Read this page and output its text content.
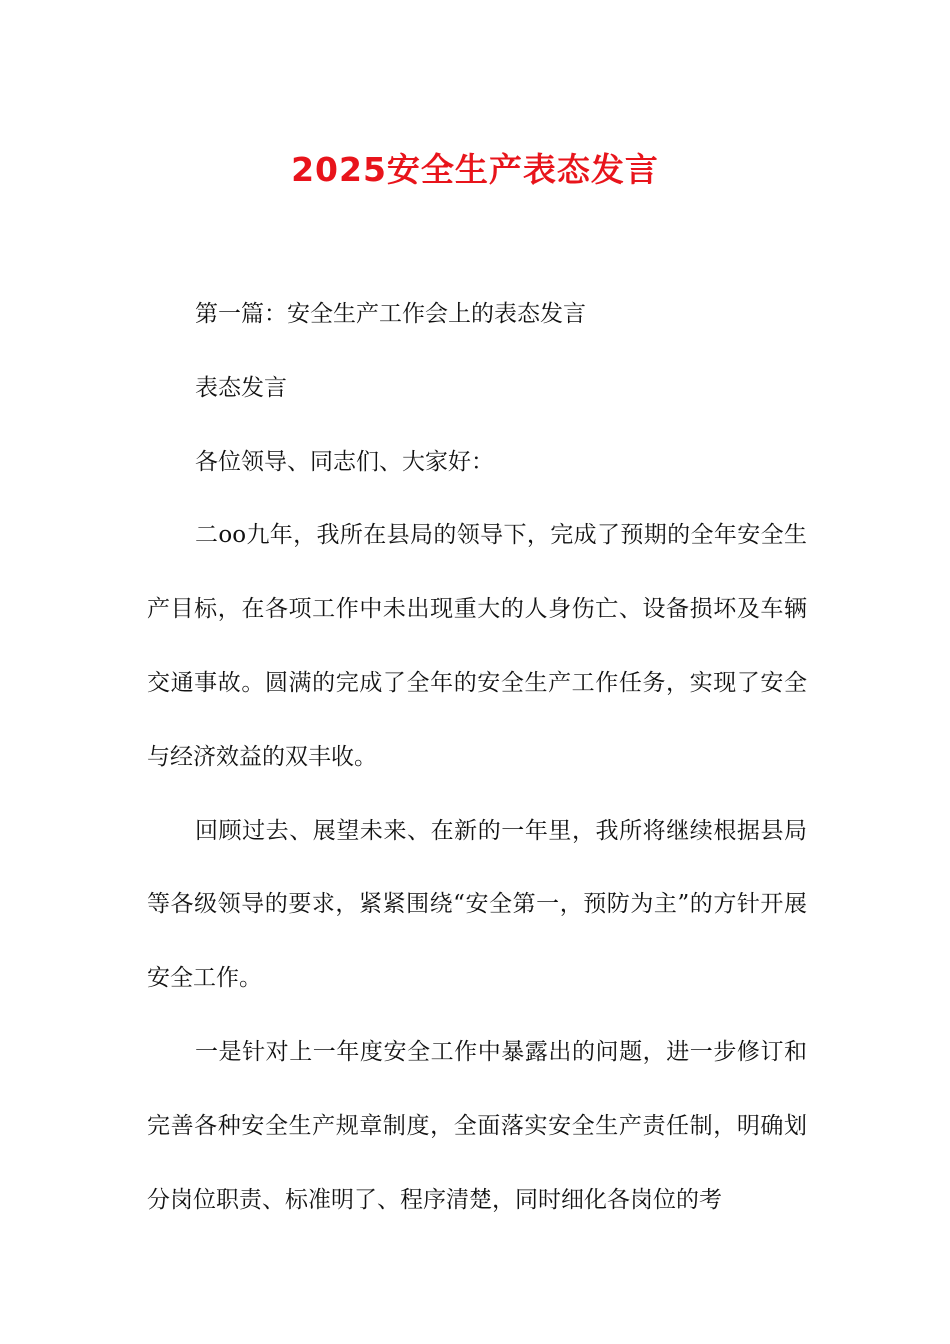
2025安全生产表态发言

第一篇：安全生产工作会上的表态发言

表态发言

各位领导、同志们、大家好：

二oo九年，我所在县局的领导下，完成了预期的全年安全生产目标，在各项工作中未出现重大的人身伤亡、设备损坏及车辆交通事故。圆满的完成了全年的安全生产工作任务，实现了安全与经济效益的双丰收。

回顾过去、展望未来、在新的一年里，我所将继续根据县局等各级领导的要求，紧紧围绕“安全第一，预防为主”的方针开展安全工作。

一是针对上一年度安全工作中暴露出的问题，进一步修订和完善各种安全生产规章制度，全面落实安全生产责任制，明确划分岗位职责、标准明了、程序清楚，同时细化各岗位的考
